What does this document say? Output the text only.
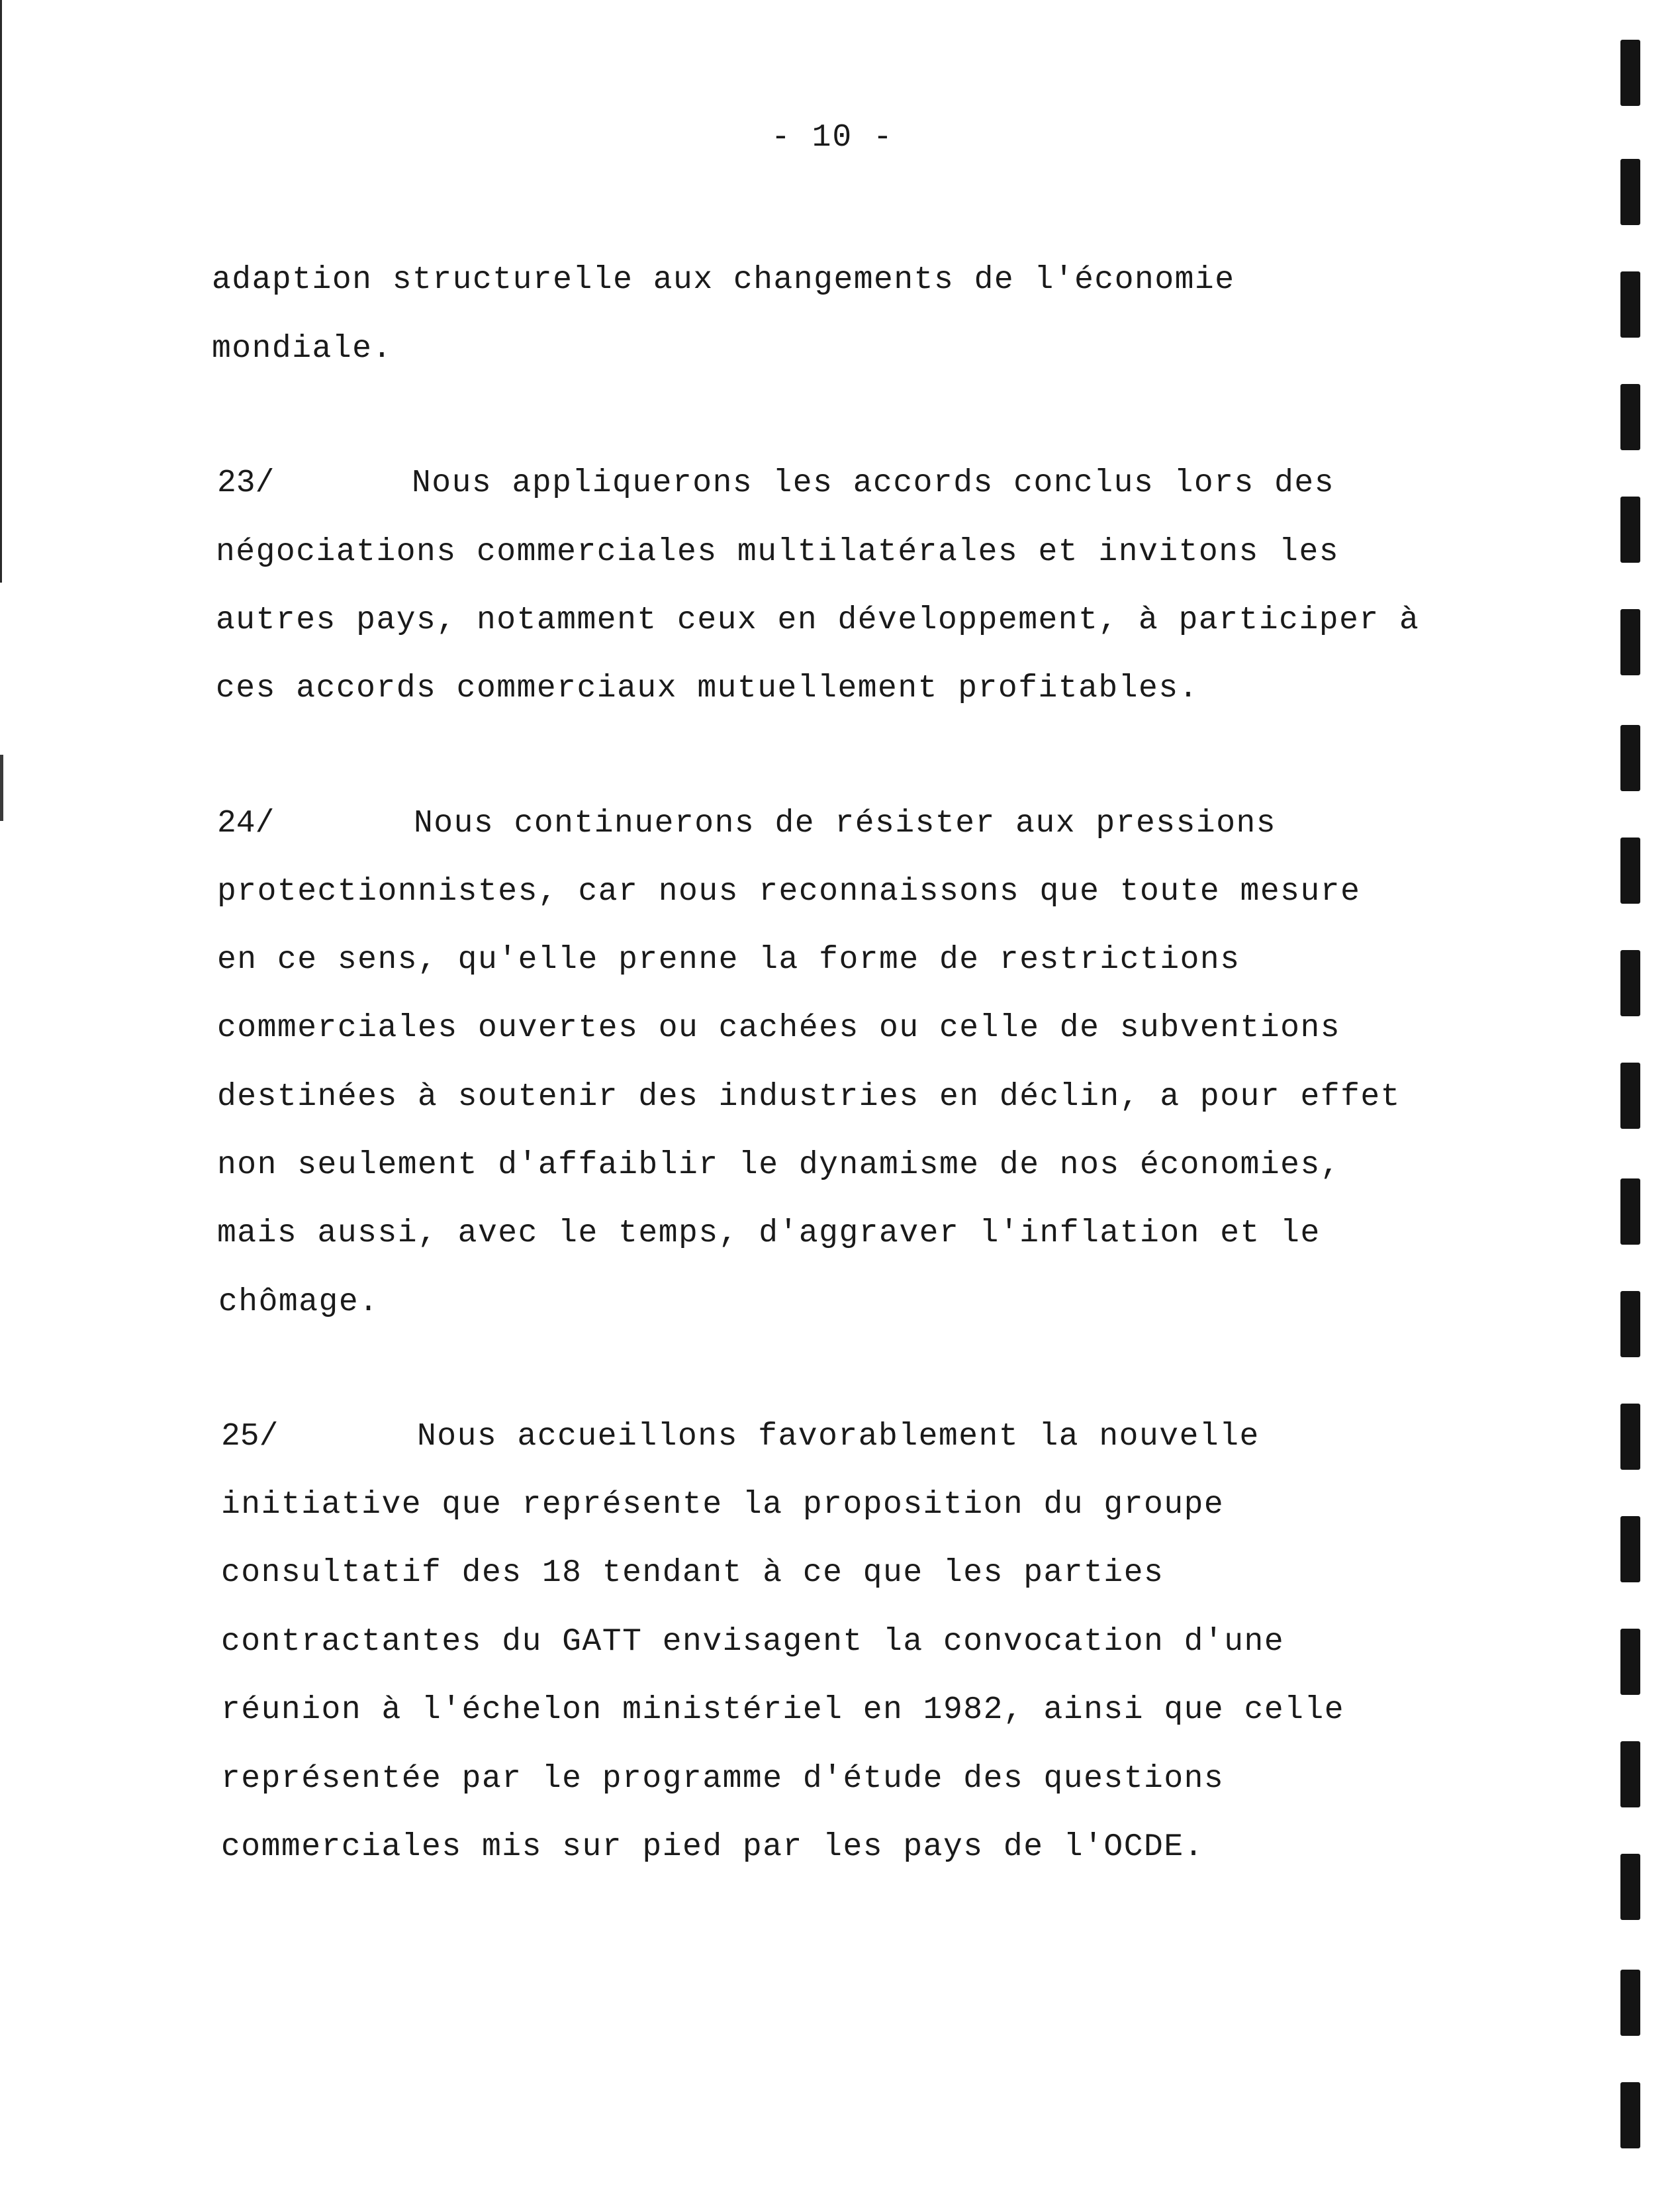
- 10 -
adaption structurelle aux changements de l'économie
mondiale.
23/	Nous appliquerons les accords conclus lors des
négociations commerciales multilatérales et invitons les
autres pays, notamment ceux en développement, à participer à
ces accords commerciaux mutuellement profitables.
24/	Nous continuerons de résister aux pressions
protectionnistes, car nous reconnaissons que toute mesure
en ce sens, qu'elle prenne la forme de restrictions
commerciales ouvertes ou cachées ou celle de subventions
destinées à soutenir des industries en déclin, a pour effet
non seulement d'affaiblir le dynamisme de nos économies,
mais aussi, avec le temps, d'aggraver l'inflation et le
chômage.
25/	Nous accueillons favorablement la nouvelle
initiative que représente la proposition du groupe
consultatif des 18 tendant à ce que les parties
contractantes du GATT envisagent la convocation d'une
réunion à l'échelon ministériel en 1982, ainsi que celle
représentée par le programme d'étude des questions
commerciales mis sur pied par les pays de l'OCDE.
